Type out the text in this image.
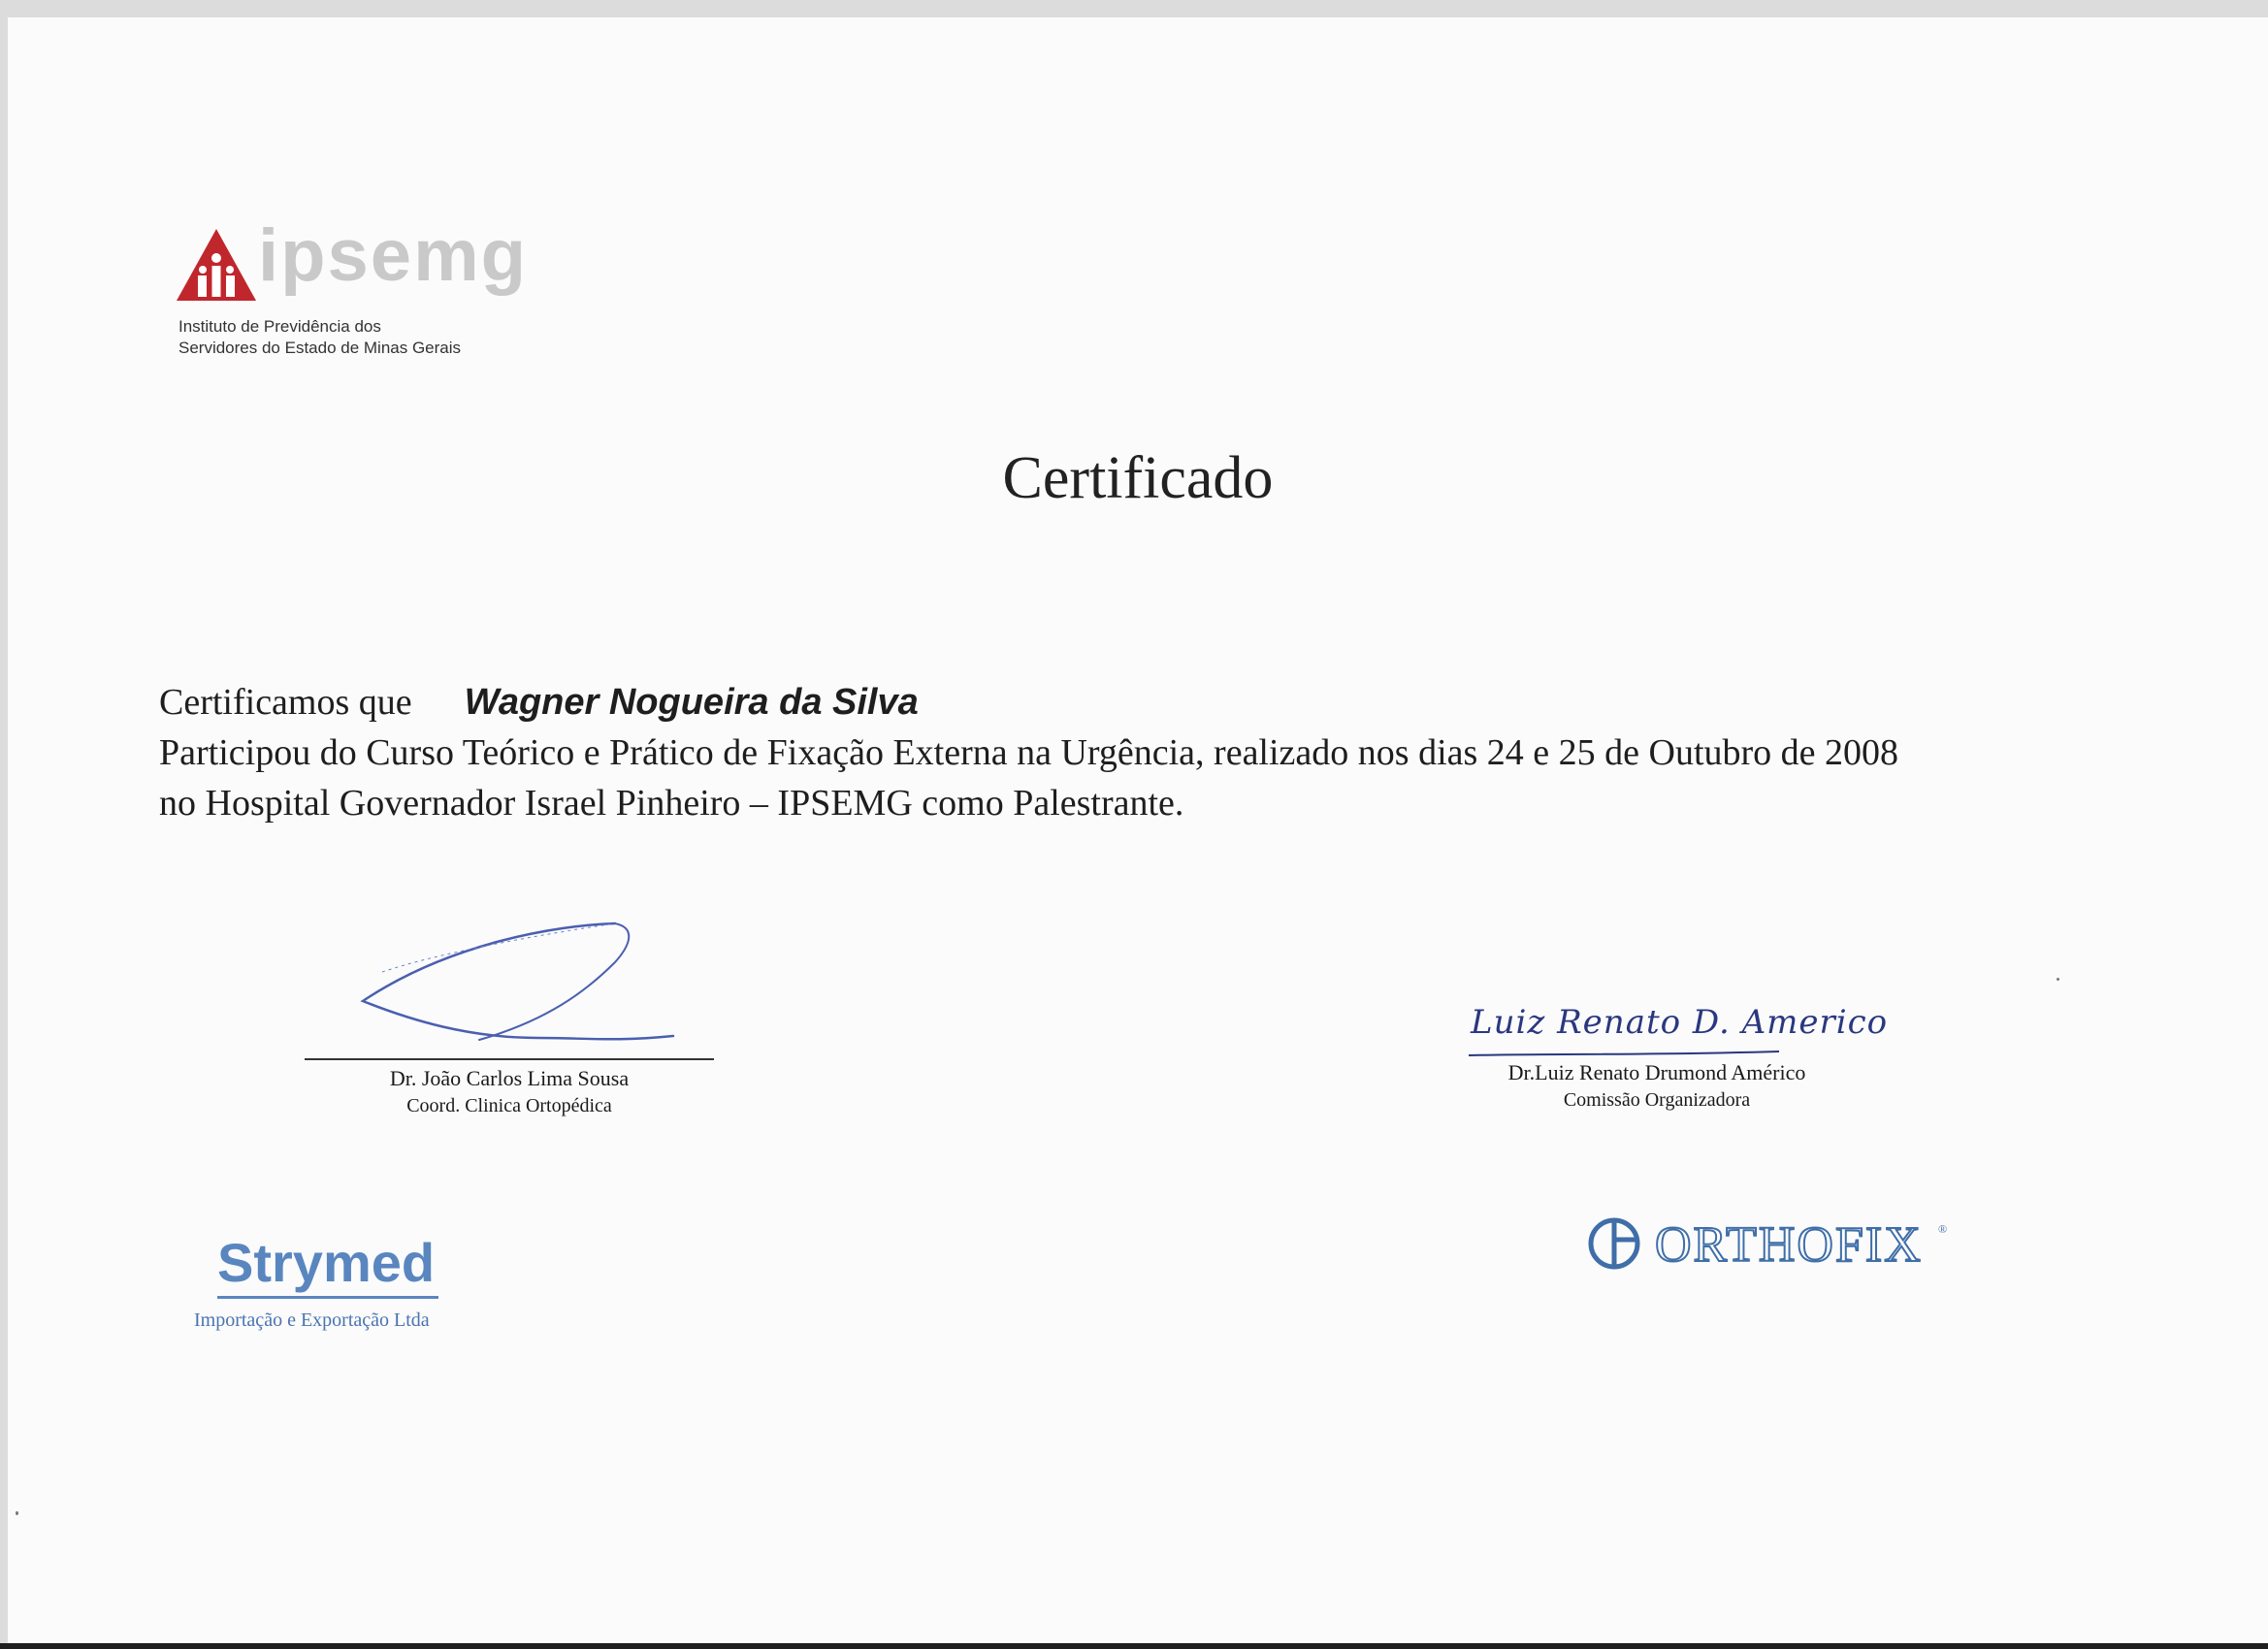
ipsemg
Instituto de Previdência dos
Servidores do Estado de Minas Gerais
Certificado
Certificamos que Wagner Nogueira da Silva
Participou do Curso Teórico e Prático de Fixação Externa na Urgência, realizado nos dias 24 e 25 de Outubro de 2008
no Hospital Governador Israel Pinheiro – IPSEMG como Palestrante.
Dr. João Carlos Lima Sousa
Coord. Clinica Ortopédica
Luiz Renato D. Americo
Dr.Luiz Renato Drumond Américo
Comissão Organizadora
Strymed
Importação e Exportação Ltda
ORTHOFIX ®
